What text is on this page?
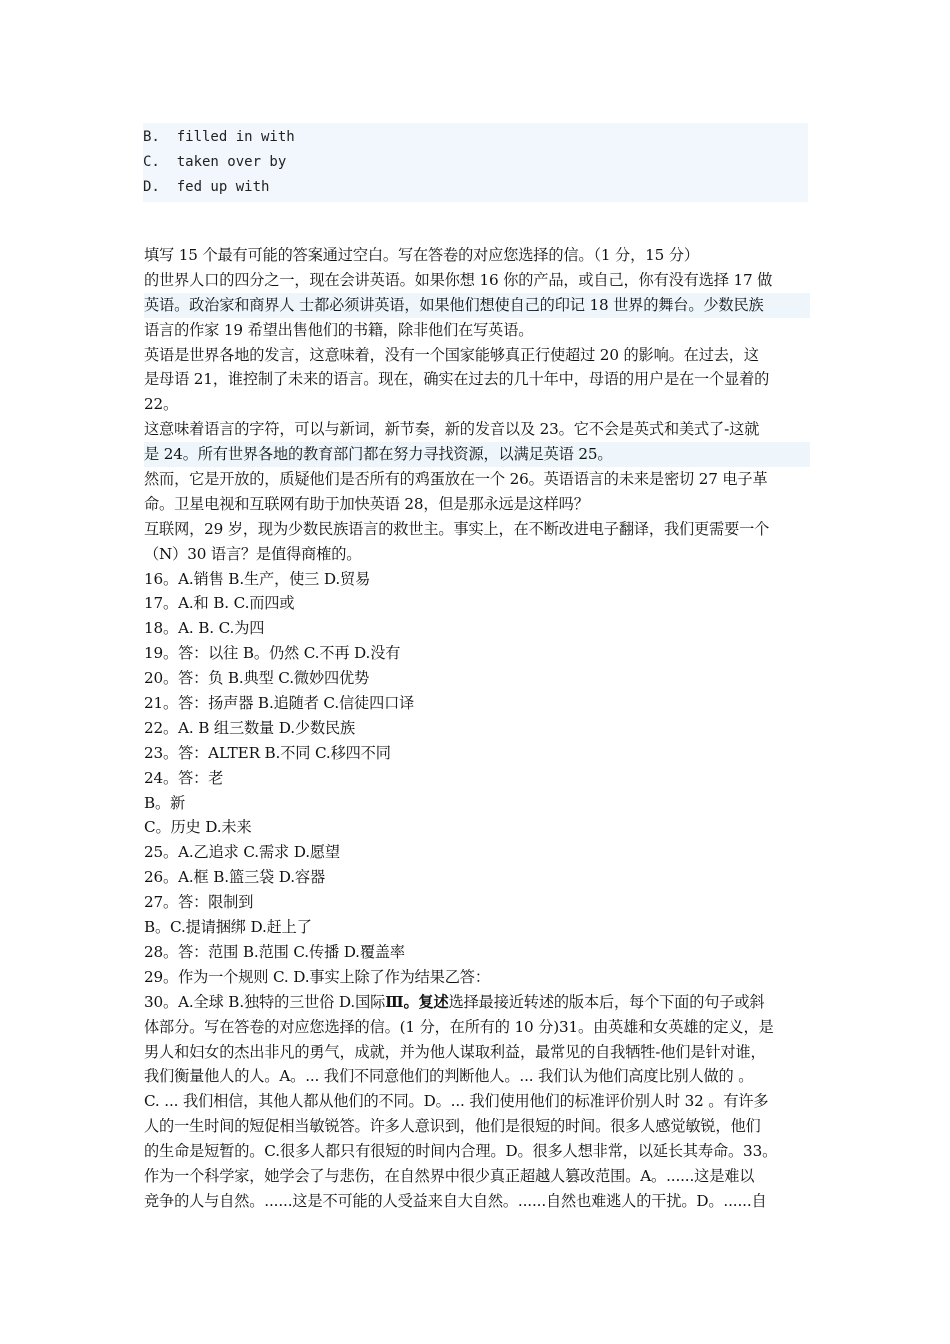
B.  filled in with
C.  taken over by
D.  fed up with
填写 15 个最有可能的答案通过空白。写在答卷的对应您选择的信。（1 分，15 分）
的世界人口的四分之一，现在会讲英语。如果你想 16 你的产品，或自己，你有没有选择 17 做
英语。政治家和商界人 士都必须讲英语，如果他们想使自己的印记 18 世界的舞台。少数民族
语言的作家 19 希望出售他们的书籍，除非他们在写英语。
英语是世界各地的发言，这意味着，没有一个国家能够真正行使超过 20 的影响。在过去，这
是母语 21，谁控制了未来的语言。现在，确实在过去的几十年中，母语的用户是在一个显着的
22。
这意味着语言的字符，可以与新词，新节奏，新的发音以及 23。它不会是英式和美式了-这就
是 24。所有世界各地的教育部门都在努力寻找资源，以满足英语 25。
然而，它是开放的，质疑他们是否所有的鸡蛋放在一个 26。英语语言的未来是密切 27 电子革
命。卫星电视和互联网有助于加快英语 28，但是那永远是这样吗？
互联网，29 岁，现为少数民族语言的救世主。事实上，在不断改进电子翻译，我们更需要一个
（N）30 语言？是值得商榷的。
16。A.销售 B.生产，使三 D.贸易
17。A.和 B. C.而四或
18。A. B. C.为四
19。答：以往 B。仍然 C.不再 D.没有
20。答：负 B.典型 C.微妙四优势
21。答：扬声器 B.追随者 C.信徒四口译
22。A. B 组三数量 D.少数民族
23。答：ALTER B.不同 C.移四不同
24。答：老
B。新
C。历史 D.未来
25。A.乙追求 C.需求 D.愿望
26。A.框 B.篮三袋 D.容器
27。答：限制到
B。C.提请捆绑 D.赶上了
28。答：范围 B.范围 C.传播 D.覆盖率
29。作为一个规则 C. D.事实上除了作为结果乙答：
30。A.全球 B.独特的三世俗 D.国际Ⅲ。复述选择最接近转述的版本后，每个下面的句子或斜
体部分。写在答卷的对应您选择的信。(1 分，在所有的 10 分)31。由英雄和女英雄的定义，是
男人和妇女的杰出非凡的勇气，成就，并为他人谋取利益，最常见的自我牺牲-他们是针对谁，
我们衡量他人的人。A。... 我们不同意他们的判断他人。... 我们认为他们高度比别人做的 。
C. ... 我们相信，其他人都从他们的不同。D。... 我们使用他们的标准评价别人时 32 。有许多
人的一生时间的短促相当敏锐答。许多人意识到，他们是很短的时间。很多人感觉敏锐，他们
的生命是短暂的。C.很多人都只有很短的时间内合理。D。很多人想非常，以延长其寿命。33。
作为一个科学家，她学会了与悲伤，在自然界中很少真正超越人篡改范围。A。......这是难以
竞争的人与自然。......这是不可能的人受益来自大自然。......自然也难逃人的干扰。D。......自
